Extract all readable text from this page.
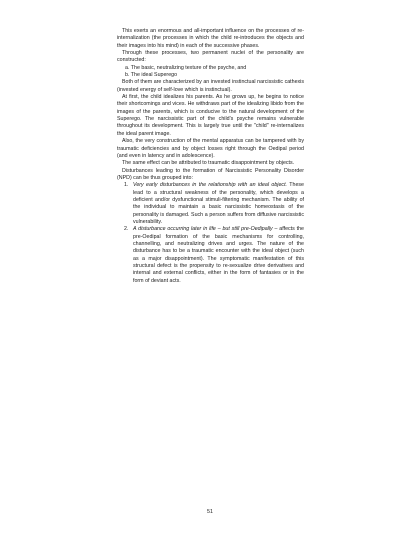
This exerts an enormous and all-important influence on the processes of re-internalization (the processes in which the child re-introduces the objects and their images into his mind) in each of the successive phases.

Through these processes, two permanent nuclei of the personality are constructed:

a. The basic, neutralizing texture of the psyche, and
b. The ideal Superego

Both of them are characterized by an invested instinctual narcissistic cathexis (invested energy of self-love which is instinctual).

At first, the child idealizes his parents. As he grows up, he begins to notice their shortcomings and vices. He withdraws part of the idealizing libido from the images of the parents, which is conducive to the natural development of the Superego. The narcissistic part of the child's psyche remains vulnerable throughout its development. This is largely true until the "child" re-internalizes the ideal parent image.

Also, the very construction of the mental apparatus can be tampered with by traumatic deficiencies and by object losses right through the Oedipal period (and even in latency and in adolescence).

The same effect can be attributed to traumatic disappointment by objects.

Disturbances leading to the formation of Narcissistic Personality Disorder (NPD) can be thus grouped into:

1. Very early disturbances in the relationship with an ideal object. These lead to a structural weakness of the personality, which develops a deficient and/or dysfunctional stimuli-filtering mechanism. The ability of the individual to maintain a basic narcissistic homeostasis of the personality is damaged. Such a person suffers from diffusive narcissistic vulnerability.
2. A disturbance occurring later in life – but still pre-Oedipally – affects the pre-Oedipal formation of the basic mechanisms for controlling, channelling, and neutralizing drives and urges. The nature of the disturbance has to be a traumatic encounter with the ideal object (such as a major disappointment). The symptomatic manifestation of this structural defect is the propensity to re-sexualize drive derivatives and internal and external conflicts, either in the form of fantasies or in the form of deviant acts.
51
